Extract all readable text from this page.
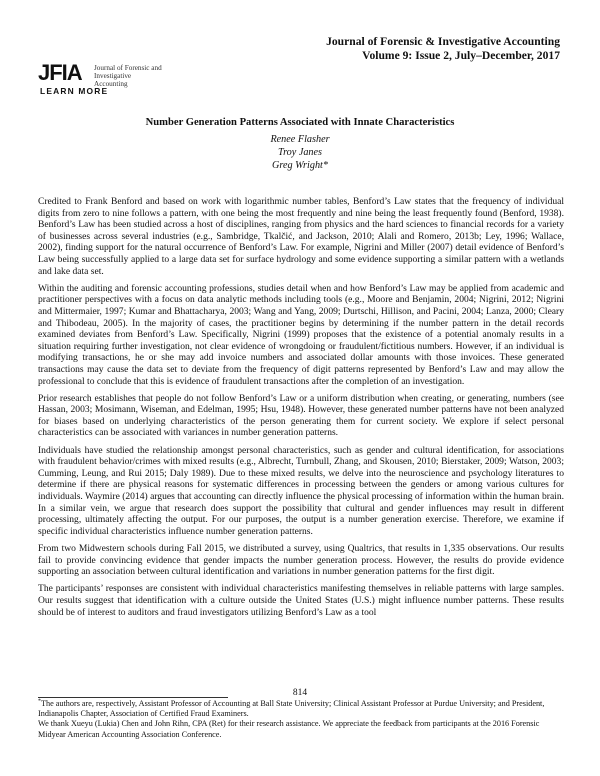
JFIA Journal of Forensic and
Investigative Accounting
LEARN MORE
Journal of Forensic & Investigative Accounting
Volume 9: Issue 2, July–December, 2017
Number Generation Patterns Associated with Innate Characteristics
Renee Flasher
Troy Janes
Greg Wright*

Credited to Frank Benford and based on work with logarithmic number tables, Benford’s Law states that the frequency of individual digits from zero to nine follows a pattern, with one being the most frequently and nine being the least frequently found (Benford, 1938). Benford’s Law has been studied across a host of disciplines, ranging from physics and the hard sciences to financial records for a variety of businesses across several industries (e.g., Sambridge, Tkalčić, and Jackson, 2010; Alali and Romero, 2013b; Ley, 1996; Wallace, 2002), finding support for the natural occurrence of Benford’s Law. For example, Nigrini and Miller (2007) detail evidence of Benford’s Law being successfully applied to a large data set for surface hydrology and some evidence supporting a similar pattern with a wetlands and lake data set.

Within the auditing and forensic accounting professions, studies detail when and how Benford’s Law may be applied from academic and practitioner perspectives with a focus on data analytic methods including tools (e.g., Moore and Benjamin, 2004; Nigrini, 2012; Nigrini and Mittermaier, 1997; Kumar and Bhattacharya, 2003; Wang and Yang, 2009; Durtschi, Hillison, and Pacini, 2004; Lanza, 2000; Cleary and Thibodeau, 2005). In the majority of cases, the practitioner begins by determining if the number pattern in the detail records examined deviates from Benford’s Law. Specifically, Nigrini (1999) proposes that the existence of a potential anomaly results in a situation requiring further investigation, not clear evidence of wrongdoing or fraudulent/fictitious numbers. However, if an individual is modifying transactions, he or she may add invoice numbers and associated dollar amounts with those invoices. These generated transactions may cause the data set to deviate from the frequency of digit patterns represented by Benford’s Law and may allow the professional to conclude that this is evidence of fraudulent transactions after the completion of an investigation.

Prior research establishes that people do not follow Benford’s Law or a uniform distribution when creating, or generating, numbers (see Hassan, 2003; Mosimann, Wiseman, and Edelman, 1995; Hsu, 1948). However, these generated number patterns have not been analyzed for biases based on underlying characteristics of the person generating them for current society. We explore if select personal characteristics can be associated with variances in number generation patterns.

Individuals have studied the relationship amongst personal characteristics, such as gender and cultural identification, for associations with fraudulent behavior/crimes with mixed results (e.g., Albrecht, Turnbull, Zhang, and Skousen, 2010; Bierstaker, 2009; Watson, 2003; Cumming, Leung, and Rui 2015; Daly 1989). Due to these mixed results, we delve into the neuroscience and psychology literatures to determine if there are physical reasons for systematic differences in processing between the genders or among various cultures for individuals. Waymire (2014) argues that accounting can directly influence the physical processing of information within the human brain. In a similar vein, we argue that research does support the possibility that cultural and gender influences may result in different processing, ultimately affecting the output. For our purposes, the output is a number generation exercise. Therefore, we examine if specific individual characteristics influence number generation patterns.

From two Midwestern schools during Fall 2015, we distributed a survey, using Qualtrics, that results in 1,335 observations. Our results fail to provide convincing evidence that gender impacts the number generation process. However, the results do provide evidence supporting an association between cultural identification and variations in number generation patterns for the first digit.

The participants’ responses are consistent with individual characteristics manifesting themselves in reliable patterns with large samples. Our results suggest that identification with a culture outside the United States (U.S.) might influence number patterns. These results should be of interest to auditors and fraud investigators utilizing Benford’s Law as a tool

814

*The authors are, respectively, Assistant Professor of Accounting at Ball State University; Clinical Assistant Professor at Purdue University; and President, Indianapolis Chapter, Association of Certified Fraud Examiners.

We thank Xueyu (Lukia) Chen and John Rihn, CPA (Ret) for their research assistance. We appreciate the feedback from participants at the 2016 Forensic Midyear American Accounting Association Conference.
